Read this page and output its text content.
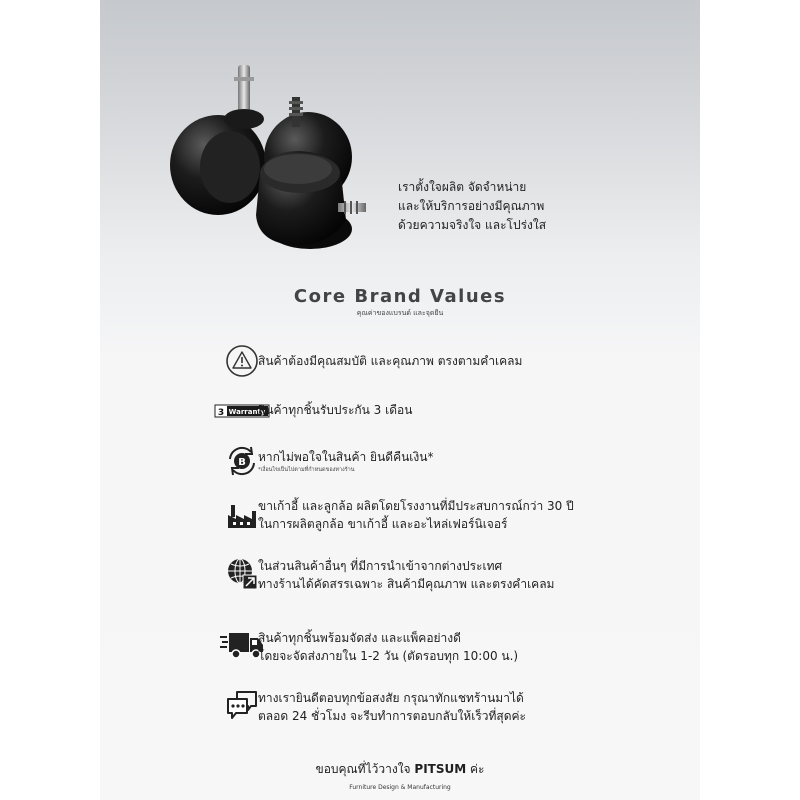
เราตั้งใจผลิต จัดจำหน่าย
และให้บริการอย่างมีคุณภาพ
ด้วยความจริงใจ และโปร่งใส
Core Brand Values
คุณค่าของแบรนด์ และจุดยืน
สินค้าต้องมีคุณสมบัติ และคุณภาพ ตรงตามคำเคลม
3 Warranty
สินค้าทุกชิ้นรับประกัน 3 เดือน
B หากไม่พอใจในสินค้า ยินดีคืนเงิน*
*เงื่อนไขเป็นไปตามที่กำหนดของทางร้าน
ขาเก้าอี้ และลูกล้อ ผลิตโดยโรงงานที่มีประสบการณ์กว่า 30 ปี
ในการผลิตลูกล้อ ขาเก้าอี้ และอะไหล่เฟอร์นิเจอร์
ในส่วนสินค้าอื่นๆ ที่มีการนำเข้าจากต่างประเทศ
ทางร้านได้คัดสรรเฉพาะ สินค้ามีคุณภาพ และตรงคำเคลม
สินค้าทุกชิ้นพร้อมจัดส่ง และแพ็คอย่างดี
โดยจะจัดส่งภายใน 1-2 วัน (ตัดรอบทุก 10:00 น.)
ทางเรายินดีตอบทุกข้อสงสัย กรุณาทักแชทร้านมาได้
ตลอด 24 ชั่วโมง จะรีบทำการตอบกลับให้เร็วที่สุดค่ะ
ขอบคุณที่ไว้วางใจ PITSUM ค่ะ
Furniture Design & Manufacturing
